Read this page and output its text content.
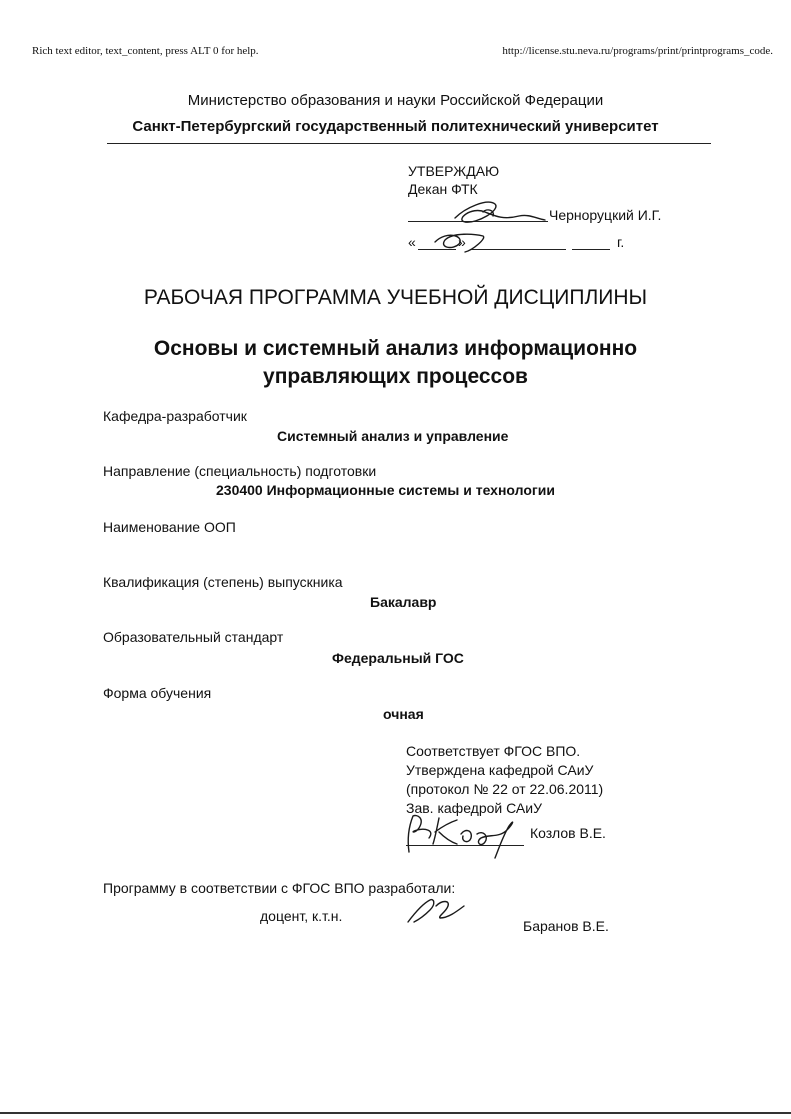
Rich text editor, text_content, press ALT 0 for help.	http://license.stu.neva.ru/programs/print/printprograms_code.
Министерство образования и науки Российской Федерации
Санкт-Петербургский государственный политехнический университет
УТВЕРЖДАЮ
Декан ФТК
Черноруцкий И.Г.
«	»	г.
РАБОЧАЯ ПРОГРАММА УЧЕБНОЙ ДИСЦИПЛИНЫ
Основы и системный анализ информационно
управляющих процессов
Кафедра-разработчик
Системный анализ и управление
Направление (специальность) подготовки
230400 Информационные системы и технологии
Наименование ООП
Квалификация (степень) выпускника
Бакалавр
Образовательный стандарт
Федеральный ГОС
Форма обучения
очная
Соответствует ФГОС ВПО.
Утверждена кафедрой САиУ
(протокол № 22 от 22.06.2011)
Зав. кафедрой САиУ
Козлов В.Е.
Программу в соответствии с ФГОС ВПО разработали:
доцент, к.т.н.
Баранов В.Е.
